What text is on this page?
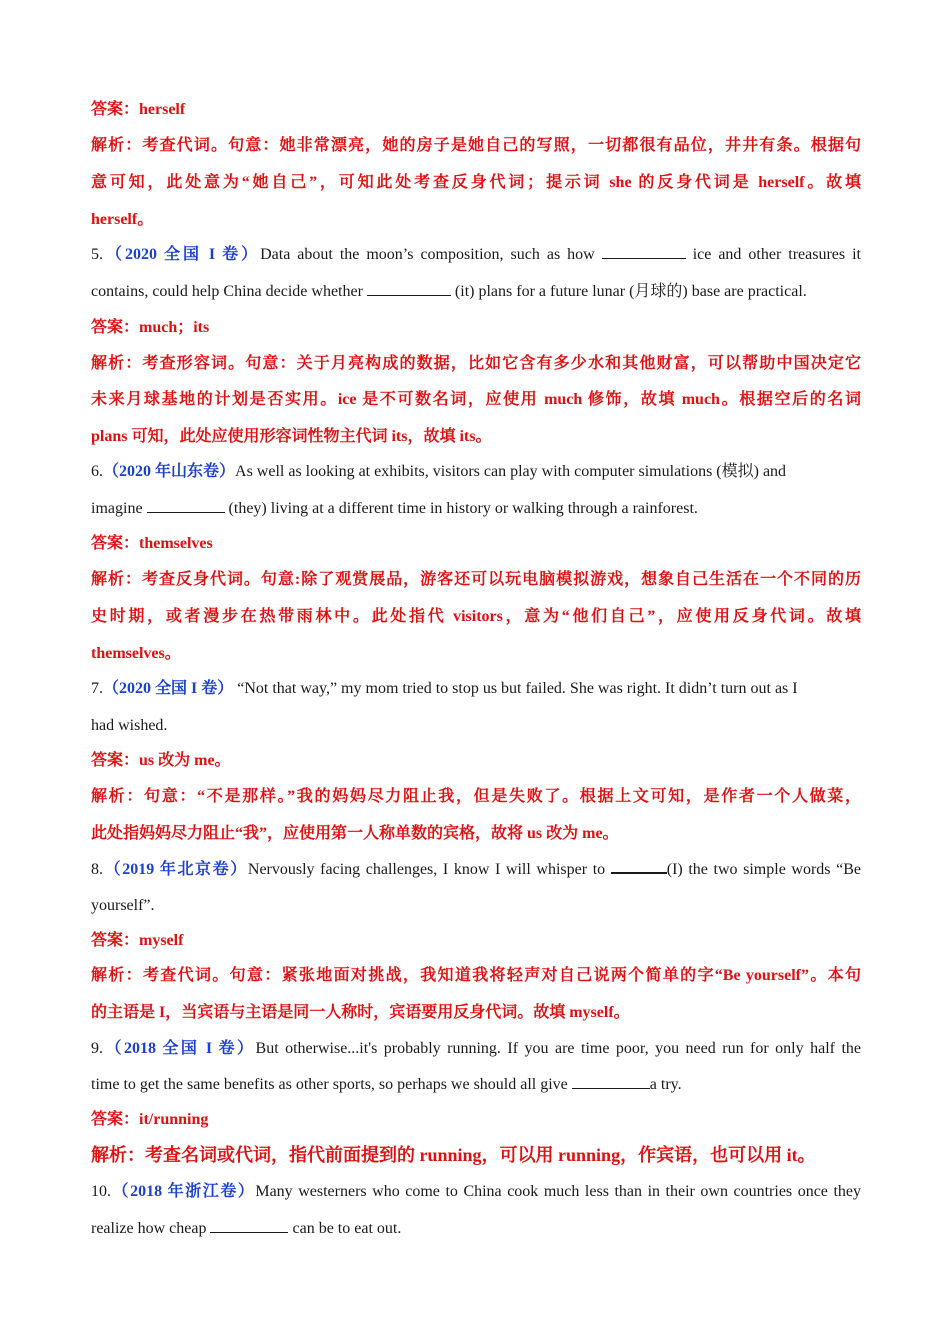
答案：herself

解析：考查代词。句意：她非常漂亮，她的房子是她自己的写照，一切都很有品位，井井有条。根据句

意可知，此处意为“她自己”，可知此处考查反身代词；提示词 she 的反身代词是 herself。故填

herself。

5.（2020 全国 I 卷）Data about the moon’s composition, such as how	ice and other treasures it

contains, could help China decide whether	(it) plans for a future lunar (月球的) base are practical.

答案：much；its

解析：考查形容词。句意：关于月亮构成的数据，比如它含有多少水和其他财富，可以帮助中国决定它

未来月球基地的计划是否实用。ice 是不可数名词，应使用 much 修饰，故填 much。根据空后的名词

plans 可知，此处应使用形容词性物主代词 its，故填 its。

6.（2020 年山东卷）As well as looking at exhibits, visitors can play with computer simulations (模拟) and

imagine	(they) living at a different time in history or walking through a rainforest.

答案：themselves

解析：考查反身代词。句意:除了观赏展品，游客还可以玩电脑模拟游戏，想象自己生活在一个不同的历

史时期，或者漫步在热带雨林中。此处指代 visitors，意为“他们自己”，应使用反身代词。故填

themselves。

7.（2020 全国 I 卷） “Not that way,” my mom tried to stop us but failed. She was right. It didn’t turn out as I

had wished.

答案：us 改为 me。

解析：句意：“不是那样。”我的妈妈尽力阻止我，但是失败了。根据上文可知，是作者一个人做菜，

此处指妈妈尽力阻止“我”，应使用第一人称单数的宾格，故将 us 改为 me。

8.（2019 年北京卷）Nervously facing challenges, I know I will whisper to	(I) the two simple words “Be

yourself”.

答案：myself

解析：考查代词。句意：紧张地面对挑战，我知道我将轻声对自己说两个简单的字“Be yourself”。本句

的主语是 I，当宾语与主语是同一人称时，宾语要用反身代词。故填 myself。

9.（2018 全国 I 卷）But otherwise...it's probably running. If you are time poor, you need run for only half the

time to get the same benefits as other sports, so perhaps we should all give	a try.

答案：it/running

解析：考查名词或代词，指代前面提到的 running，可以用 running，作宾语，也可以用 it。

10.（2018 年浙江卷）Many westerners who come to China cook much less than in their own countries once they

realize how cheap	can be to eat out.
